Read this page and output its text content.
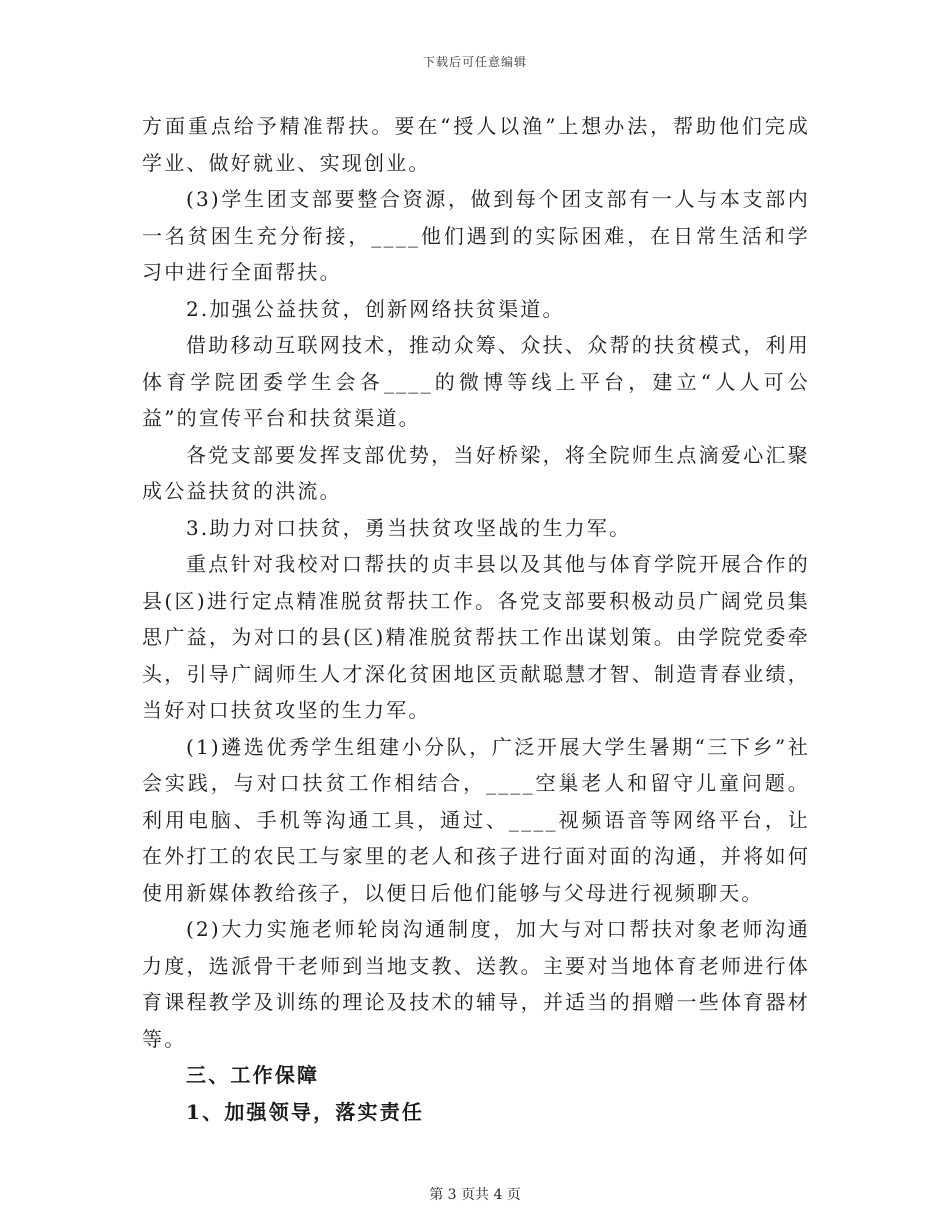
下载后可任意编辑

方面重点给予精准帮扶。要在“授人以渔”上想办法，帮助他们完成学业、做好就业、实现创业。

(3)学生团支部要整合资源，做到每个团支部有一人与本支部内一名贫困生充分衔接，____他们遇到的实际困难，在日常生活和学习中进行全面帮扶。

2.加强公益扶贫，创新网络扶贫渠道。

借助移动互联网技术，推动众筹、众扶、众帮的扶贫模式，利用体育学院团委学生会各____的微博等线上平台，建立“人人可公益”的宣传平台和扶贫渠道。

各党支部要发挥支部优势，当好桥梁，将全院师生点滴爱心汇聚成公益扶贫的洪流。

3.助力对口扶贫，勇当扶贫攻坚战的生力军。

重点针对我校对口帮扶的贞丰县以及其他与体育学院开展合作的县(区)进行定点精准脱贫帮扶工作。各党支部要积极动员广阔党员集思广益，为对口的县(区)精准脱贫帮扶工作出谋划策。由学院党委牵头，引导广阔师生人才深化贫困地区贡献聪慧才智、制造青春业绩，当好对口扶贫攻坚的生力军。

(1)遴选优秀学生组建小分队，广泛开展大学生暑期“三下乡”社会实践，与对口扶贫工作相结合，____空巢老人和留守儿童问题。利用电脑、手机等沟通工具，通过、____视频语音等网络平台，让在外打工的农民工与家里的老人和孩子进行面对面的沟通，并将如何使用新媒体教给孩子，以便日后他们能够与父母进行视频聊天。

(2)大力实施老师轮岗沟通制度，加大与对口帮扶对象老师沟通力度，选派骨干老师到当地支教、送教。主要对当地体育老师进行体育课程教学及训练的理论及技术的辅导，并适当的捐赠一些体育器材等。

三、工作保障

1、加强领导，落实责任

第 3 页共 4 页
